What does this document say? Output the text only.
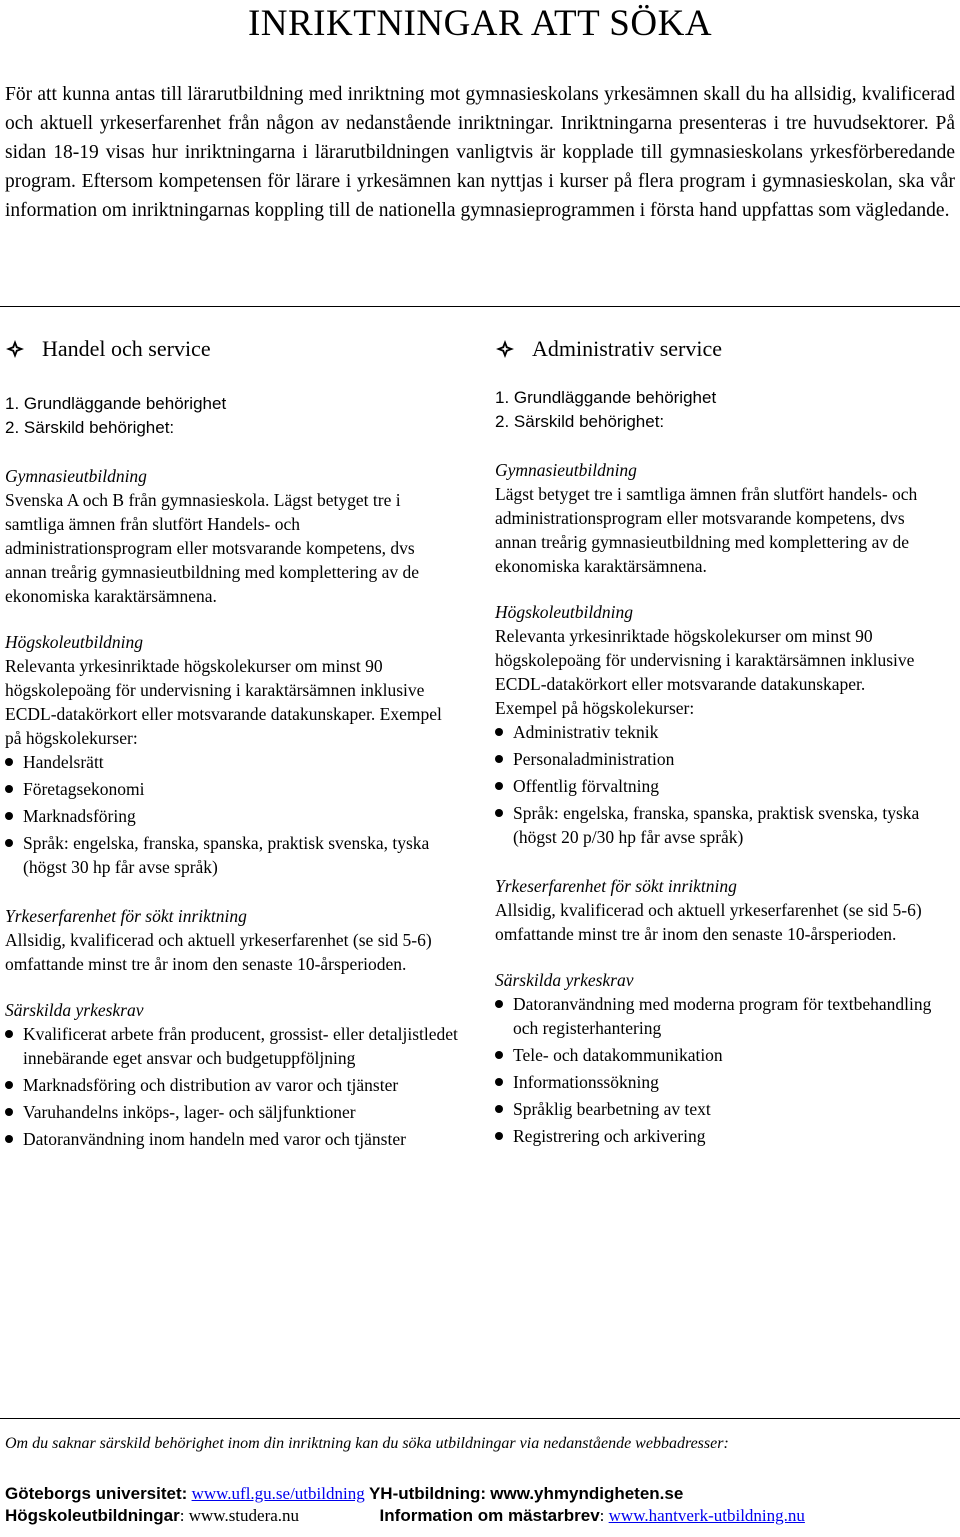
INRIKTNINGAR ATT SÖKA
För att kunna antas till lärarutbildning med inriktning mot gymnasieskolans yrkesämnen skall du ha allsidig, kvalificerad och aktuell yrkeserfarenhet från någon av nedanstående inriktningar. Inriktningarna presenteras i tre huvudsektorer. På sidan 18-19 visas hur inriktningarna i lärarutbildningen vanligtvis är kopplade till gymnasieskolans yrkesförberedande program. Eftersom kompetensen för lärare i yrkesämnen kan nyttjas i kurser på flera program i gymnasieskolan, ska vår information om inriktningarnas koppling till de nationella gymnasieprogrammen i första hand uppfattas som vägledande.
Handel och service
1. Grundläggande behörighet
2. Särskild behörighet:
Gymnasieutbildning
Svenska A och B från gymnasieskola. Lägst betyget tre i samtliga ämnen från slutfört Handels- och administrationsprogram eller motsvarande kompetens, dvs annan treårig gymnasieutbildning med komplettering av de ekonomiska karaktärsämnena.
Högskoleutbildning
Relevanta yrkesinriktade högskolekurser om minst 90 högskolepoäng för undervisning i karaktärsämnen inklusive ECDL-datakörkort eller motsvarande datakunskaper. Exempel på högskolekurser:
Handelsrätt
Företagsekonomi
Marknadsföring
Språk: engelska, franska, spanska, praktisk svenska, tyska (högst 30 hp får avse språk)
Yrkeserfarenhet för sökt inriktning
Allsidig, kvalificerad och aktuell yrkeserfarenhet (se sid 5-6) omfattande minst tre år inom den senaste 10-årsperioden.
Särskilda yrkeskrav
Kvalificerat arbete från producent, grossist- eller detaljistledet innebärande eget ansvar och budgetuppföljning
Marknadsföring och distribution av varor och tjänster
Varuhandelns inköps-, lager- och säljfunktioner
Datoranvändning inom handeln med varor och tjänster
Administrativ service
1. Grundläggande behörighet
2. Särskild behörighet:
Gymnasieutbildning
Lägst betyget tre i samtliga ämnen från slutfört handels- och administrationsprogram eller motsvarande kompetens, dvs annan treårig gymnasieutbildning med komplettering av de ekonomiska karaktärsämnena.
Högskoleutbildning
Relevanta yrkesinriktade högskolekurser om minst 90 högskolepoäng för undervisning i karaktärsämnen inklusive ECDL-datakörkort eller motsvarande datakunskaper.
Exempel på högskolekurser:
Administrativ teknik
Personaladministration
Offentlig förvaltning
Språk: engelska, franska, spanska, praktisk svenska, tyska (högst 20 p/30 hp får avse språk)
Yrkeserfarenhet för sökt inriktning
Allsidig, kvalificerad och aktuell yrkeserfarenhet (se sid 5-6) omfattande minst tre år inom den senaste 10-årsperioden.
Särskilda yrkeskrav
Datoranvändning med moderna program för textbehandling och registerhantering
Tele- och datakommunikation
Informationssökning
Språklig bearbetning av text
Registrering och arkivering
Om du saknar särskild behörighet inom din inriktning kan du söka utbildningar via nedanstående webbadresser:
Göteborgs universitet: www.ufl.gu.se/utbildning YH-utbildning: www.yhmyndigheten.se
Högskoleutbildningar: www.studera.nu	Information om mästarbrev: www.hantverk-utbildning.nu
